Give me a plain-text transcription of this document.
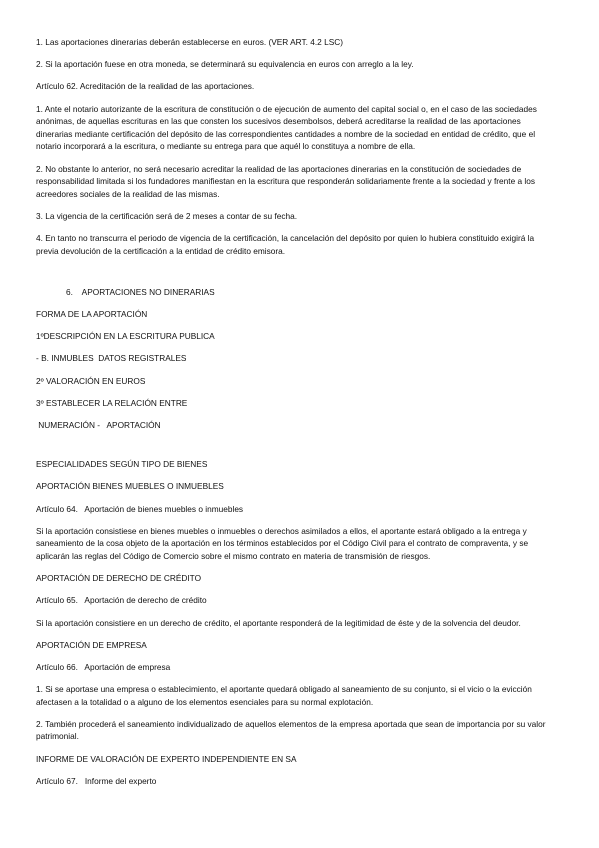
1. Las aportaciones dinerarias deberán establecerse en euros. (VER ART. 4.2 LSC)

2. Si la aportación fuese en otra moneda, se determinará su equivalencia en euros con arreglo a la ley.

Artículo 62. Acreditación de la realidad de las aportaciones.

1. Ante el notario autorizante de la escritura de constitución o de ejecución de aumento del capital social o, en el caso de las sociedades anónimas, de aquellas escrituras en las que consten los sucesivos desembolsos, deberá acreditarse la realidad de las aportaciones dinerarias mediante certificación del depósito de las correspondientes cantidades a nombre de la sociedad en entidad de crédito, que el notario incorporará a la escritura, o mediante su entrega para que aquél lo constituya a nombre de ella.

2. No obstante lo anterior, no será necesario acreditar la realidad de las aportaciones dinerarias en la constitución de sociedades de responsabilidad limitada si los fundadores manifiestan en la escritura que responderán solidariamente frente a la sociedad y frente a los acreedores sociales de la realidad de las mismas.

3. La vigencia de la certificación será de 2 meses a contar de su fecha.

4. En tanto no transcurra el periodo de vigencia de la certificación, la cancelación del depósito por quien lo hubiera constituido exigirá la previa devolución de la certificación a la entidad de crédito emisora.

6.    APORTACIONES NO DINERARIAS

FORMA DE LA APORTACIÓN

1ºDESCRIPCIÓN EN LA ESCRITURA PUBLICA

- B. INMUBLES  DATOS REGISTRALES

2º VALORACIÓN EN EUROS

3º ESTABLECER LA RELACIÓN ENTRE

NUMERACIÓN -   APORTACIÓN

ESPECIALIDADES SEGÚN TIPO DE BIENES

APORTACIÓN BIENES MUEBLES O INMUEBLES

Artículo 64.   Aportación de bienes muebles o inmuebles

Si la aportación consistiese en bienes muebles o inmuebles o derechos asimilados a ellos, el aportante estará obligado a la entrega y saneamiento de la cosa objeto de la aportación en los términos establecidos por el Código Civil para el contrato de compraventa, y se aplicarán las reglas del Código de Comercio sobre el mismo contrato en materia de transmisión de riesgos.

APORTACIÓN DE DERECHO DE CRÉDITO

Artículo 65.   Aportación de derecho de crédito

Si la aportación consistiere en un derecho de crédito, el aportante responderá de la legitimidad de éste y de la solvencia del deudor.

APORTACIÓN DE EMPRESA

Artículo 66.   Aportación de empresa

1. Si se aportase una empresa o establecimiento, el aportante quedará obligado al saneamiento de su conjunto, si el vicio o la evicción afectasen a la totalidad o a alguno de los elementos esenciales para su normal explotación.

2. También procederá el saneamiento individualizado de aquellos elementos de la empresa aportada que sean de importancia por su valor patrimonial.

INFORME DE VALORACIÓN DE EXPERTO INDEPENDIENTE EN SA

Artículo 67.   Informe del experto
